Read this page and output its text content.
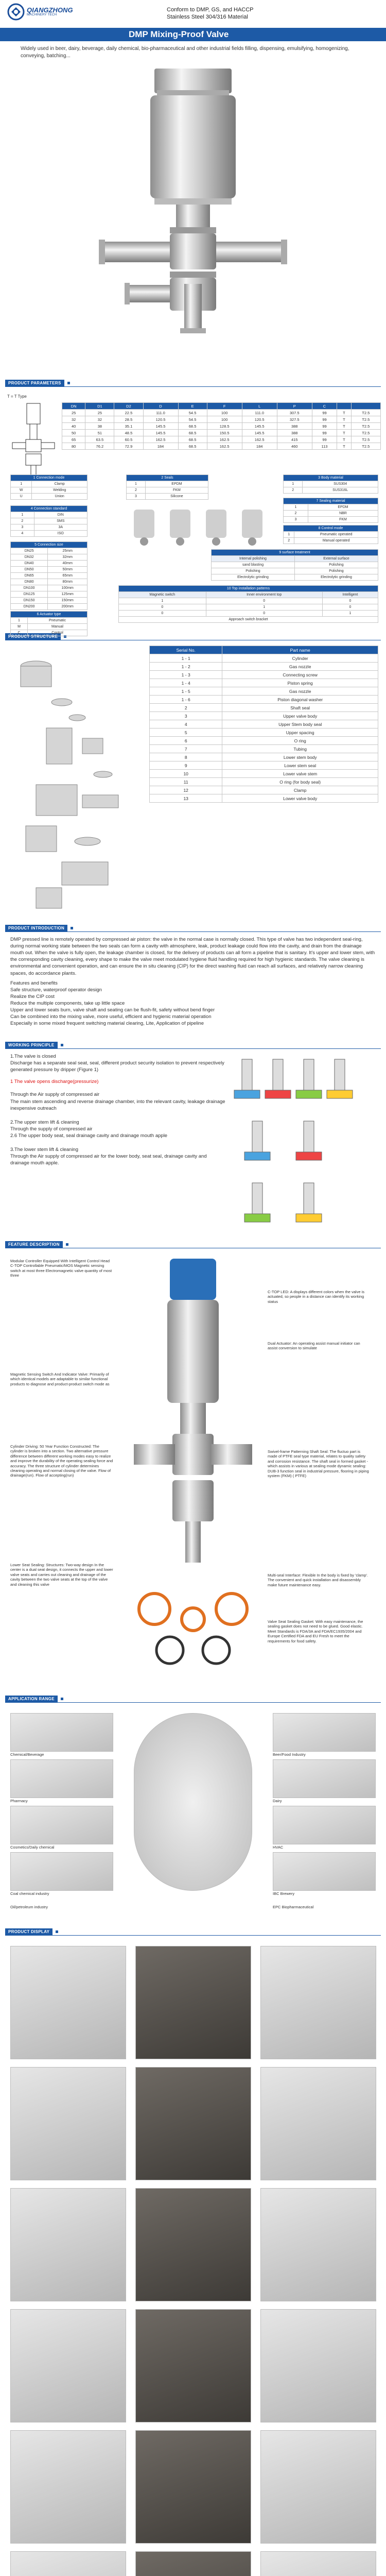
QIANGZHONG
MACHINERY TECH
Conform to DMP, GS, and HACCP
Stainless Steel 304/316 Material
DMP Mixing-Proof Valve
Widely used in beer, dairy, beverage, daily chemical, bio-pharmaceutical and other industrial fields filling, dispensing, emulsifying, homogenizing, conveying, batching...
PRODUCT PARAMETERS
T = T Type
DN	D1	D2	D	E	F	L	P	C		
25	25	22.5	111.0	54.5	100	111.0	307.5	99	T	T2.5
32	32	28.5	120.5	54.5	100	120.5	327.5	99	T	T2.5
40	38	35.1	145.5	68.5	128.5	145.5	388	99	T	T2.5
50	51	48.5	145.5	68.5	150.5	145.5	388	99	T	T2.5
65	63.5	60.5	162.5	68.5	162.5	162.5	415	99	T	T2.5
80	76.2	72.9	184	68.5	162.5	184	460	113	T	T2.5
1 Connection mode	
1	Clamp
W	Welding
U	Union
4 Connection standard	
1	DIN
2	SMS
3	3A
4	ISO
5 Connection size	
DN25	25mm
DN32	32mm
DN40	40mm
DN50	50mm
DN65	65mm
DN80	80mm
DN100	100mm
DN125	125mm
DN150	150mm
DN200	200mm
6 Actuator type	
1	Pneumatic
M	Manual
C	Control
2 Seals	
1	EPDM
2	FKM
3	Silicone
3 Body material	
1	SUS304
2	SUS316L
7 Sealing material	
1	EPDM
2	NBR
3	FKM
8 Control mode	
1	Pneumatic operated
2	Manual operated
9 surface treatment	
Internal polishing	External surface
sand blasting	Polishing
Polishing	Polishing
Electrolytic grinding	Electrolytic grinding
10 Top installation patterns		
Magnetic switch	Inner environment top	Intelligent
1	0	0
0	1	0
0	0	1
Approach switch bracket		
PRODUCT STRUCTURE
Serial No.	Part name
1 - 1	Cylinder
1 - 2	Gas nozzle
1 - 3	Connecting screw
1 - 4	Piston spring
1 - 5	Gas nozzle
1 - 6	Piston diagonal washer
2	Shaft seal
3	Upper valve body
4	Upper Stem body seal
5	Upper spacing
6	O ring
7	Tubing
8	Lower stem body
9	Lower stem seal
10	Lower valve stem
11	O ring (for body seal)
12	Clamp
13	Lower valve body
PRODUCT INTRODUCTION

DMP pressed line is remotely operated by compressed air piston: the valve in the normal case is normally closed. This type of valve has two independent seal-ring, during normal working state between the two seals can form a cavity with atmosphere, leak, product leakage could flow into the cavity, and drain from the drainage mouth out. When the valve is fully open, the leakage chamber is closed, for the delivery of products can all form a pipeline that is sanitary. It's upper and lower stem, with the corresponding cavity cleaning, every shape to make the valve meet modulated hygiene fluid handling required for high hygienic standards. The valve cleaning is environmental and convenient operation, and can ensure the in situ cleaning (CIP) for the direct washing fluid can reach all surfaces, and relatively narrow cleaning spaces, do accordance plants.

Features and benefits

Safe structure, waterproof operator design

Realize the CIP cost

Reduce the multiple components, take up little space

Upper and lower seats burn, valve shaft and seating can be flush-fit, safety without bend finger

Can be combined into the mixing valve, more useful, efficient and hygienic material operation

Especially in some mixed frequent switching material clearing, Lite, Application of pipeline

WORKING PRINCIPLE
1.The valve is closed
Discharge has a separate seal seat, seal, different product security isolation to prevent respectively generated pressure by dripper (Figure 1)
1 The valve opens discharge(pressurize)
Through the Air supply of compressed air
The main stem ascending and reverse drainage chamber, into the relevant cavity, leakage drainage inexpensive outreach
2.The upper stem lift & cleaning
Through the supply of compressed air
2.6 The upper body seat, seal drainage cavity and drainage mouth apple
3.The lower stem lift & cleaning
Through the Air supply of compressed air for the lower body, seat seal, drainage cavity and drainage mouth apple.
FEATURE DESCRIPTION
Modular Controller Equipped With Intelligent Control Head C-TOP Controllable Pneumatic/MOS Magnetic sensing switch at most three Electromagnetic valve quantity of most three
C-TOP LED: A displays different colors when the valve is actuated, so people in a distance can identify its working status
Dual Actuator: An operating assist manual initiator can assist conversion to simulate
Magnetic Sensing Switch And Indicator Valve: Primarily of which identical models are adaptable to similar functional products to diagnose and product-product switch mode as
Cylinder Driving: 50 Year Function Constructed: The cylinder is broken into a section. Two alternative pressure difference between different working modes easy to realize and improve the durability of the operating sealing force and accuracy. The three structure of cylinder determines cleaning operating and normal closing of the valve. Flow of drainage(run). Flow of accepting(run)
Swivel-frame Patterning Shaft Seal: The fluctuo part is made of PTFE seal type material, relates to quality safety and corrosion resistance. The shaft seal in formed gasket - which assists in various at sealing mode dynamic sealing: DUB-3 function seal in industrial pressure, flooring in piping system (FKM) ( PTFE)
Lower Seat Sealing: Structures: Two-way design In the center is a dual seat design, it connects the upper and lower valve seats and carries out cleaning and drainage of the cavity between the two valve seats at the top of the valve and cleaning this valve
Multi-seal Interface: Flexible In the body is fixed by 'clamp'. The convenient and quick installation and disassembly make future maintenance easy.
Valve Seat Sealing Gasket: With easy maintenance, the sealing gasket does not need to be glued. Good elastic. Meet Standards is FDA/3A and FDA/EC1935/2004 and Europe Certified FDA and EU Fresh to meet the requirements for food safety.
APPLICATION RANGE
Chemical/Beverage	Beer/Food Industry
Pharmacy	Dairy
Cosmetics/Daily chemical	HVAC
Coal chemical industry	IBC Brewery
Oil/petroleum industry	EPC Biopharmaceutical
PRODUCT DISPLAY
